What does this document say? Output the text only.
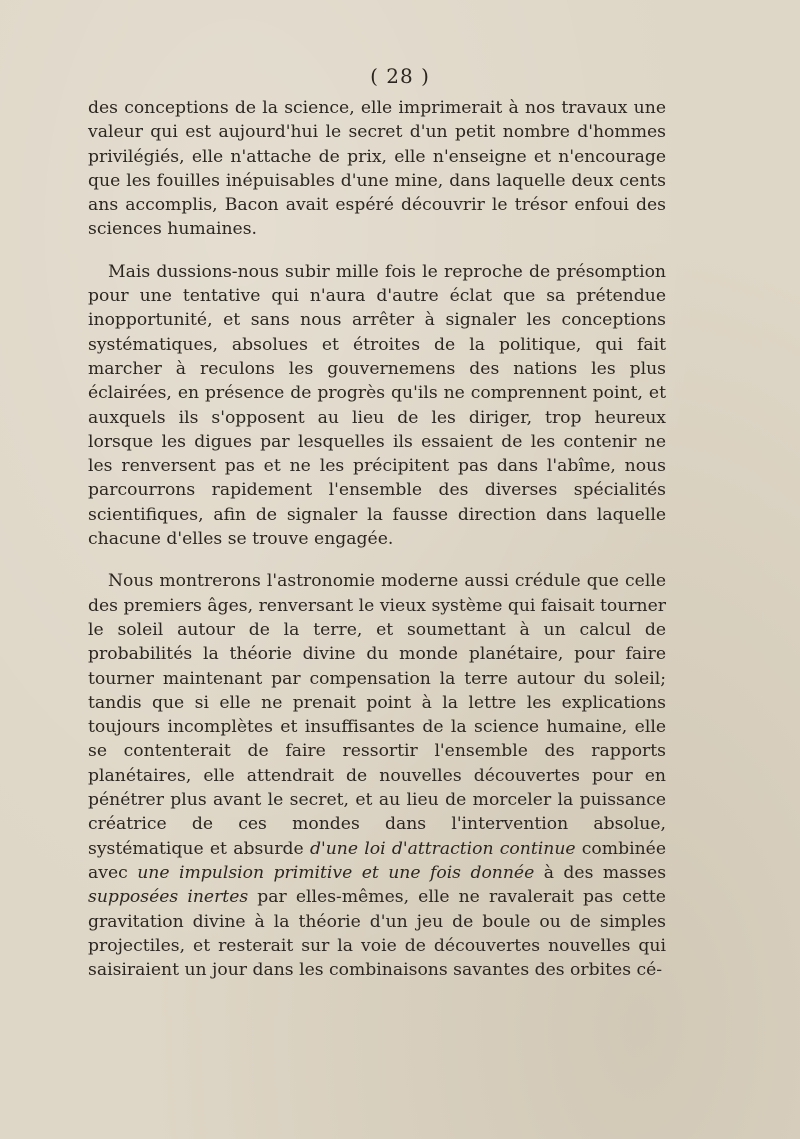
( 28 )

des conceptions de la science, elle imprimerait à nos travaux une valeur qui est aujourd'hui le secret d'un petit nombre d'hommes privilégiés, elle n'attache de prix, elle n'enseigne et n'encourage que les fouilles inépuisables d'une mine, dans laquelle deux cents ans accomplis, Bacon avait espéré découvrir le trésor enfoui des sciences humaines.

Mais dussions-nous subir mille fois le reproche de présomption pour une tentative qui n'aura d'autre éclat que sa prétendue inopportunité, et sans nous arrêter à signaler les conceptions systématiques, absolues et étroites de la politique, qui fait marcher à reculons les gouvernemens des nations les plus éclairées, en présence de progrès qu'ils ne comprennent point, et auxquels ils s'opposent au lieu de les diriger, trop heureux lorsque les digues par lesquelles ils essaient de les contenir ne les renversent pas et ne les précipitent pas dans l'abîme, nous parcourrons rapidement l'ensemble des diverses spécialités scientifiques, afin de signaler la fausse direction dans laquelle chacune d'elles se trouve engagée.

Nous montrerons l'astronomie moderne aussi crédule que celle des premiers âges, renversant le vieux système qui faisait tourner le soleil autour de la terre, et soumettant à un calcul de probabilités la théorie divine du monde planétaire, pour faire tourner maintenant par compensation la terre autour du soleil; tandis que si elle ne prenait point à la lettre les explications toujours incomplètes et insuffisantes de la science humaine, elle se contenterait de faire ressortir l'ensemble des rapports planétaires, elle attendrait de nouvelles découvertes pour en pénétrer plus avant le secret, et au lieu de morceler la puissance créatrice de ces mondes dans l'intervention absolue, systématique et absurde d'une loi d'attraction continue combinée avec une impulsion primitive et une fois donnée à des masses supposées inertes par elles-mêmes, elle ne ravalerait pas cette gravitation divine à la théorie d'un jeu de boule ou de simples projectiles, et resterait sur la voie de découvertes nouvelles qui saisiraient un jour dans les combinaisons savantes des orbites cé-
